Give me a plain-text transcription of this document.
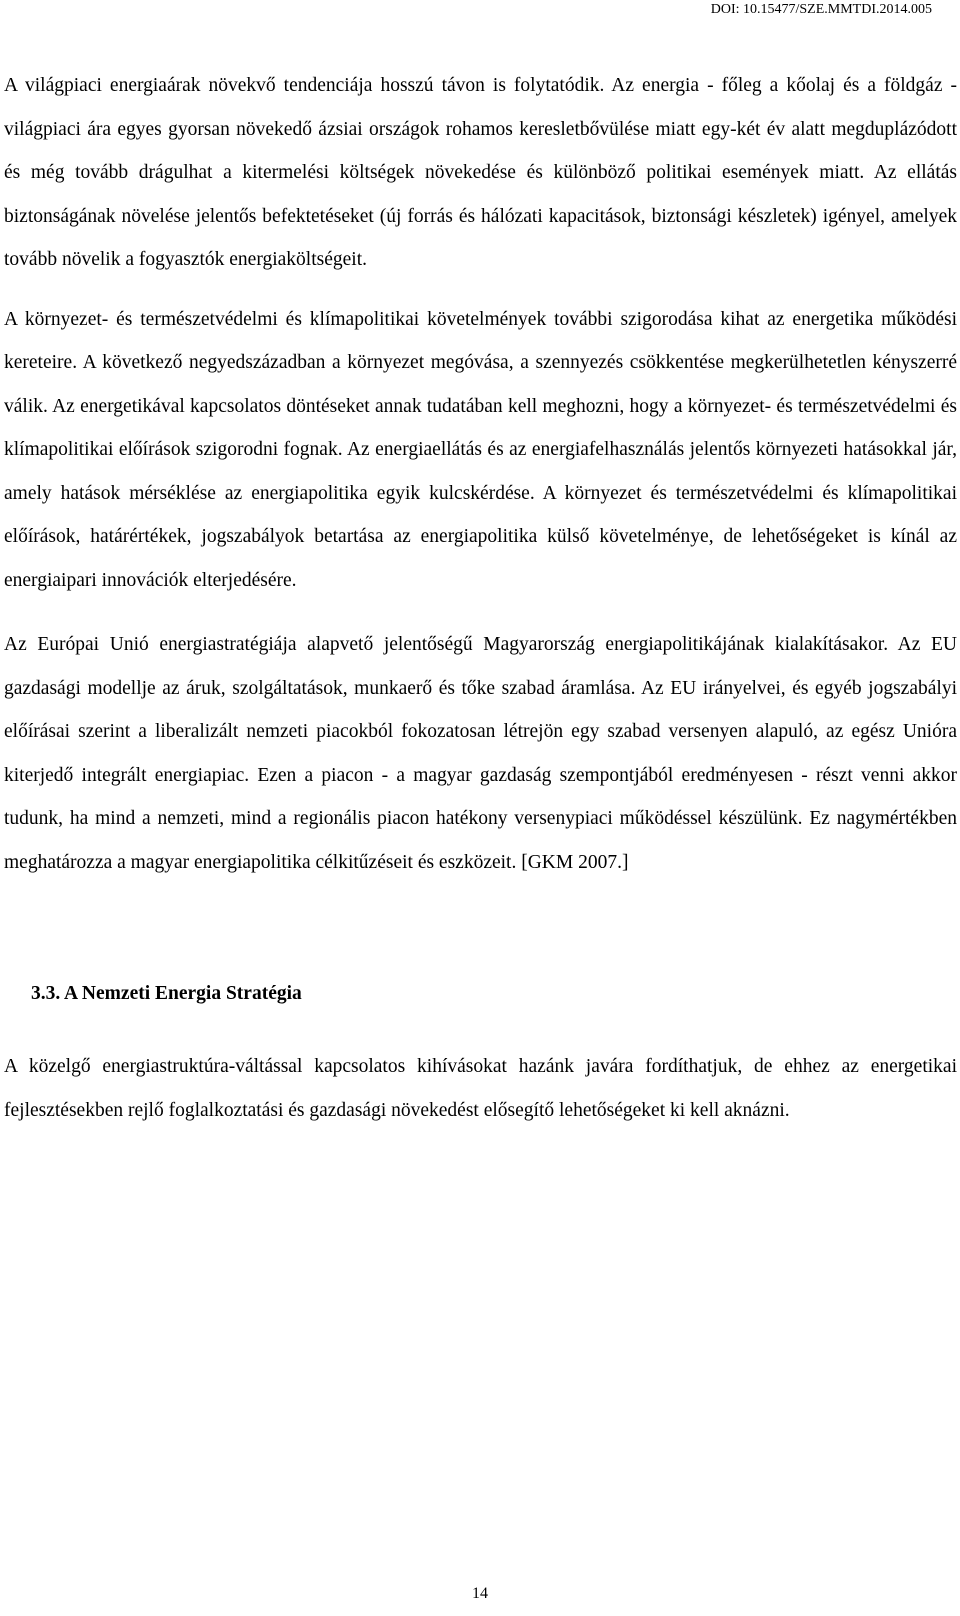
DOI: 10.15477/SZE.MMTDI.2014.005

A világpiaci energiaárak növekvő tendenciája hosszú távon is folytatódik. Az energia - főleg a kőolaj és a földgáz - világpiaci ára egyes gyorsan növekedő ázsiai országok rohamos keresletbővülése miatt egy-két év alatt megduplázódott és még tovább drágulhat a kitermelési költségek növekedése és különböző politikai események miatt. Az ellátás biztonságának növelése jelentős befektetéseket (új forrás és hálózati kapacitások, biztonsági készletek) igényel, amelyek tovább növelik a fogyasztók energiaköltségeit.

A környezet- és természetvédelmi és klímapolitikai követelmények további szigorodása kihat az energetika működési kereteire. A következő negyedszázadban a környezet megóvása, a szennyezés csökkentése megkerülhetetlen kényszerré válik. Az energetikával kapcsolatos döntéseket annak tudatában kell meghozni, hogy a környezet- és természetvédelmi és klímapolitikai előírások szigorodni fognak. Az energiaellátás és az energiafelhasználás jelentős környezeti hatásokkal jár, amely hatások mérséklése az energiapolitika egyik kulcskérdése. A környezet és természetvédelmi és klímapolitikai előírások, határértékek, jogszabályok betartása az energiapolitika külső követelménye, de lehetőségeket is kínál az energiaipari innovációk elterjedésére.

Az Európai Unió energiastratégiája alapvető jelentőségű Magyarország energiapolitikájának kialakításakor. Az EU gazdasági modellje az áruk, szolgáltatások, munkaerő és tőke szabad áramlása. Az EU irányelvei, és egyéb jogszabályi előírásai szerint a liberalizált nemzeti piacokból fokozatosan létrejön egy szabad versenyen alapuló, az egész Unióra kiterjedő integrált energiapiac. Ezen a piacon - a magyar gazdaság szempontjából eredményesen - részt venni akkor tudunk, ha mind a nemzeti, mind a regionális piacon hatékony versenypiaci működéssel készülünk. Ez nagymértékben meghatározza a magyar energiapolitika célkitűzéseit és eszközeit. [GKM 2007.]

3.3. A Nemzeti Energia Stratégia

A közelgő energiastruktúra-váltással kapcsolatos kihívásokat hazánk javára fordíthatjuk, de ehhez az energetikai fejlesztésekben rejlő foglalkoztatási és gazdasági növekedést elősegítő lehetőségeket ki kell aknázni.

14
